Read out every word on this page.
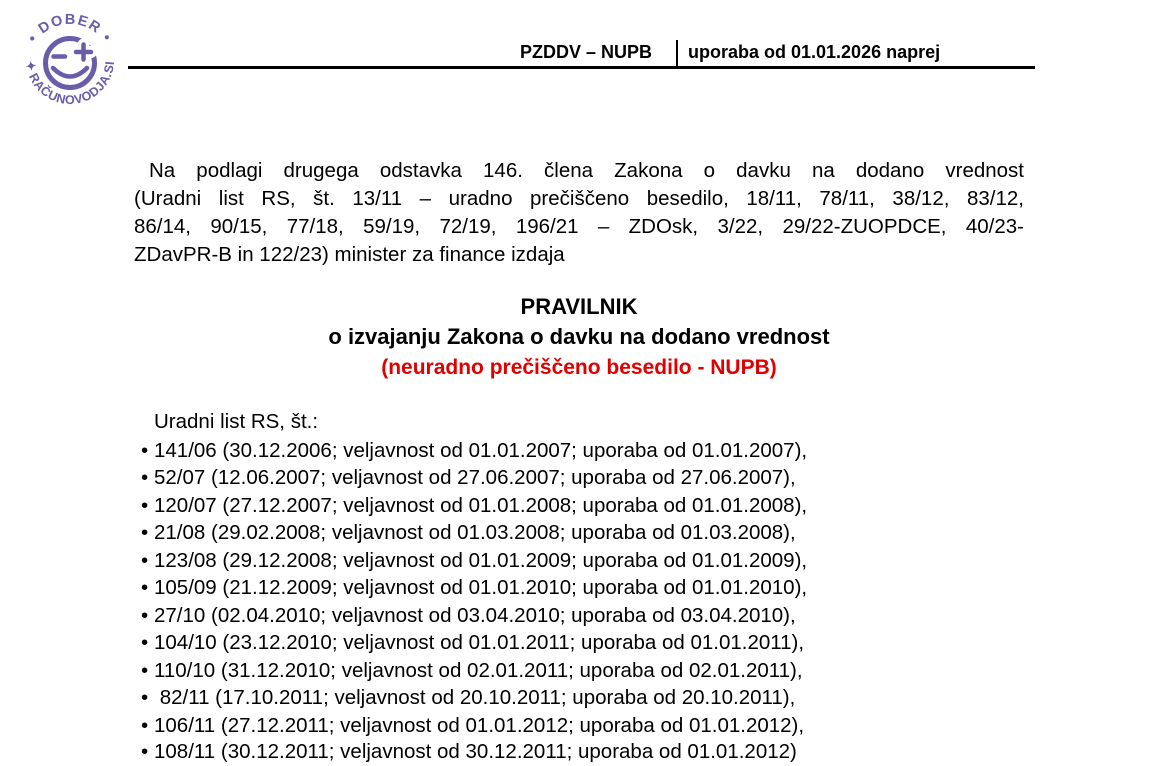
• DOBER •
✦ RAČUNOVODJA.SI
PZDDV – NUPB uporaba od 01.01.2026 naprej
Na podlagi drugega odstavka 146. člena Zakona o davku na dodano vrednost
(Uradni list RS, št. 13/11 – uradno prečiščeno besedilo, 18/11, 78/11, 38/12, 83/12,
86/14, 90/15, 77/18, 59/19, 72/19, 196/21 – ZDOsk, 3/22, 29/22-ZUOPDCE, 40/23-
ZDavPR-B in 122/23) minister za finance izdaja
PRAVILNIK
o izvajanju Zakona o davku na dodano vrednost
(neuradno prečiščeno besedilo - NUPB)
Uradni list RS, št.:
• 141/06 (30.12.2006; veljavnost od 01.01.2007; uporaba od 01.01.2007),
• 52/07 (12.06.2007; veljavnost od 27.06.2007; uporaba od 27.06.2007),
• 120/07 (27.12.2007; veljavnost od 01.01.2008; uporaba od 01.01.2008),
• 21/08 (29.02.2008; veljavnost od 01.03.2008; uporaba od 01.03.2008),
• 123/08 (29.12.2008; veljavnost od 01.01.2009; uporaba od 01.01.2009),
• 105/09 (21.12.2009; veljavnost od 01.01.2010; uporaba od 01.01.2010),
• 27/10 (02.04.2010; veljavnost od 03.04.2010; uporaba od 03.04.2010),
• 104/10 (23.12.2010; veljavnost od 01.01.2011; uporaba od 01.01.2011),
• 110/10 (31.12.2010; veljavnost od 02.01.2011; uporaba od 02.01.2011),
• 82/11 (17.10.2011; veljavnost od 20.10.2011; uporaba od 20.10.2011),
• 106/11 (27.12.2011; veljavnost od 01.01.2012; uporaba od 01.01.2012),
• 108/11 (30.12.2011; veljavnost od 30.12.2011; uporaba od 01.01.2012)
